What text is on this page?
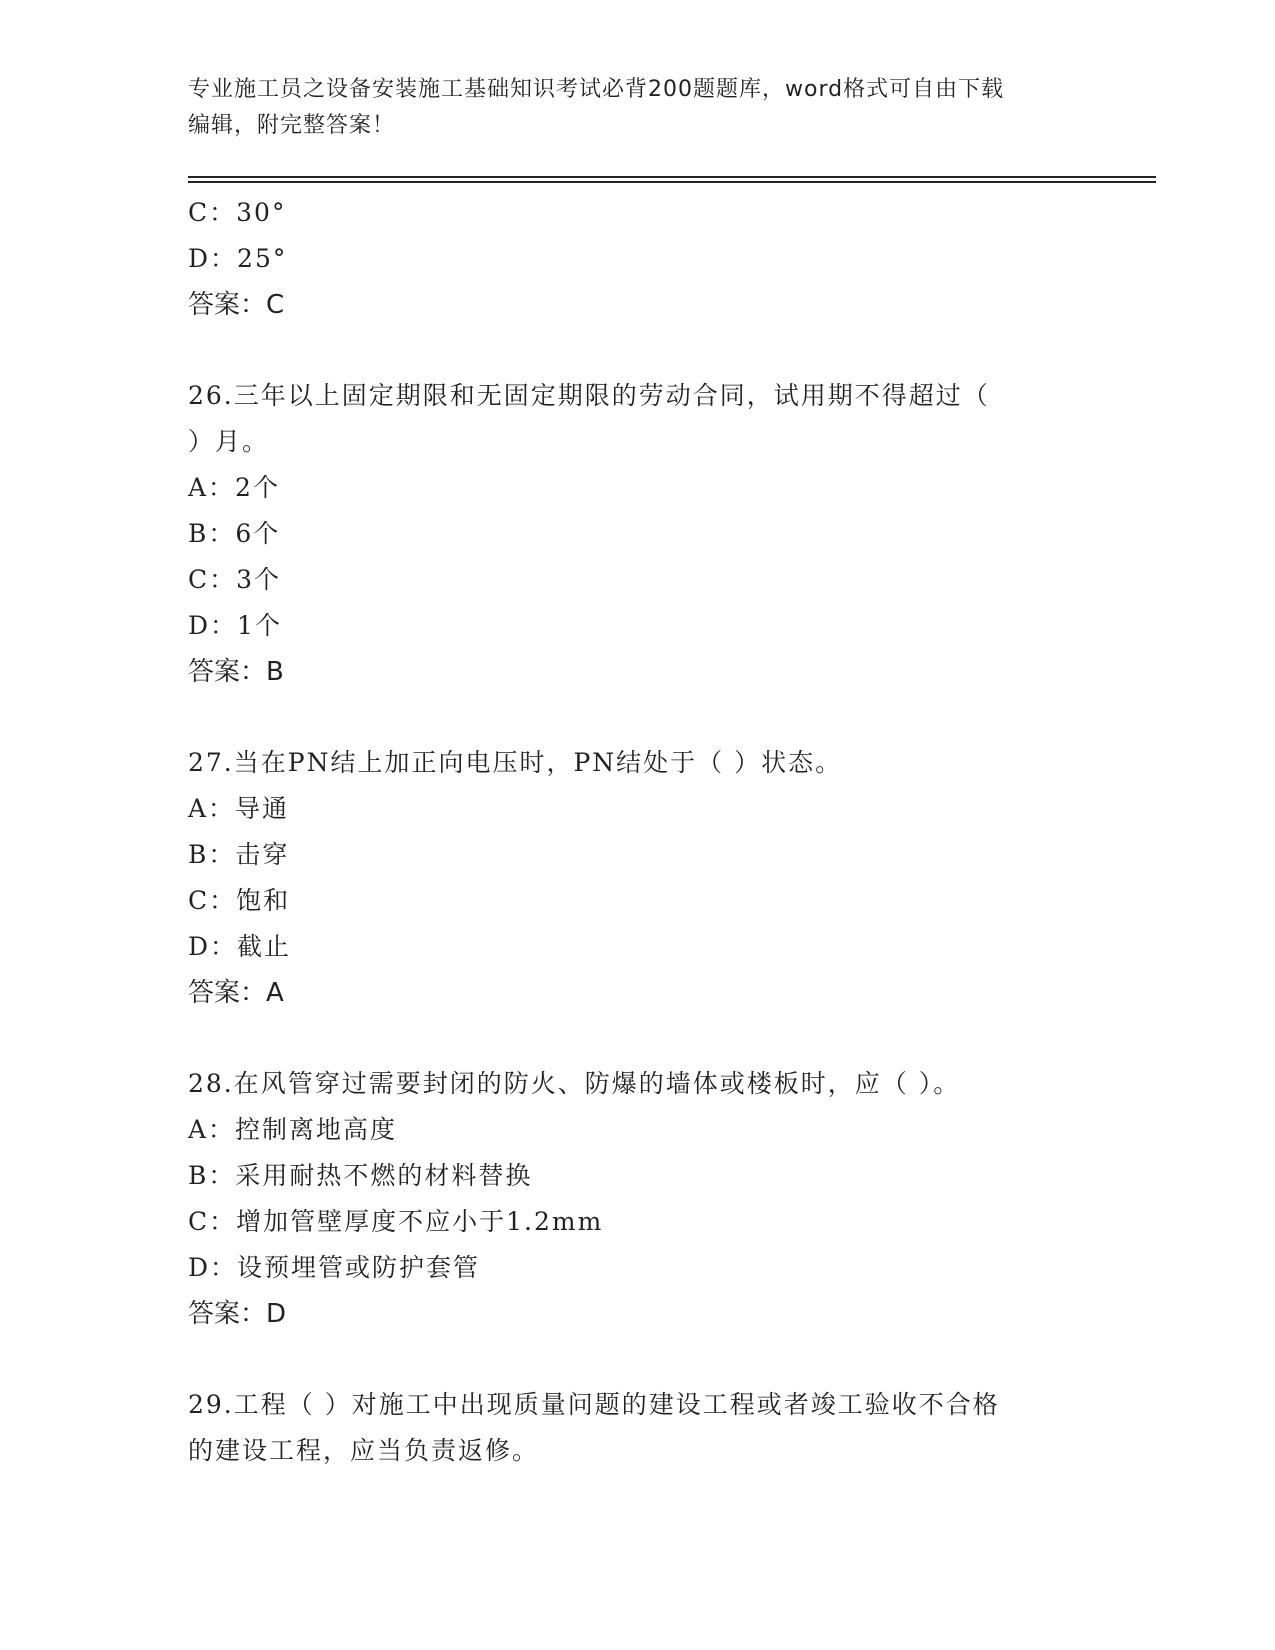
专业施工员之设备安装施工基础知识考试必背200题题库，word格式可自由下载
编辑，附完整答案！
C：30°
D：25°
答案：C
26.三年以上固定期限和无固定期限的劳动合同，试用期不得超过（
）月。
A：2个
B：6个
C：3个
D：1个
答案：B
27.当在PN结上加正向电压时，PN结处于（ ）状态。
A：导通
B：击穿
C：饱和
D：截止
答案：A
28.在风管穿过需要封闭的防火、防爆的墙体或楼板时，应（ ）。
A：控制离地高度
B：采用耐热不燃的材料替换
C：增加管壁厚度不应小于1.2mm
D：设预埋管或防护套管
答案：D
29.工程（ ）对施工中出现质量问题的建设工程或者竣工验收不合格
的建设工程，应当负责返修。
